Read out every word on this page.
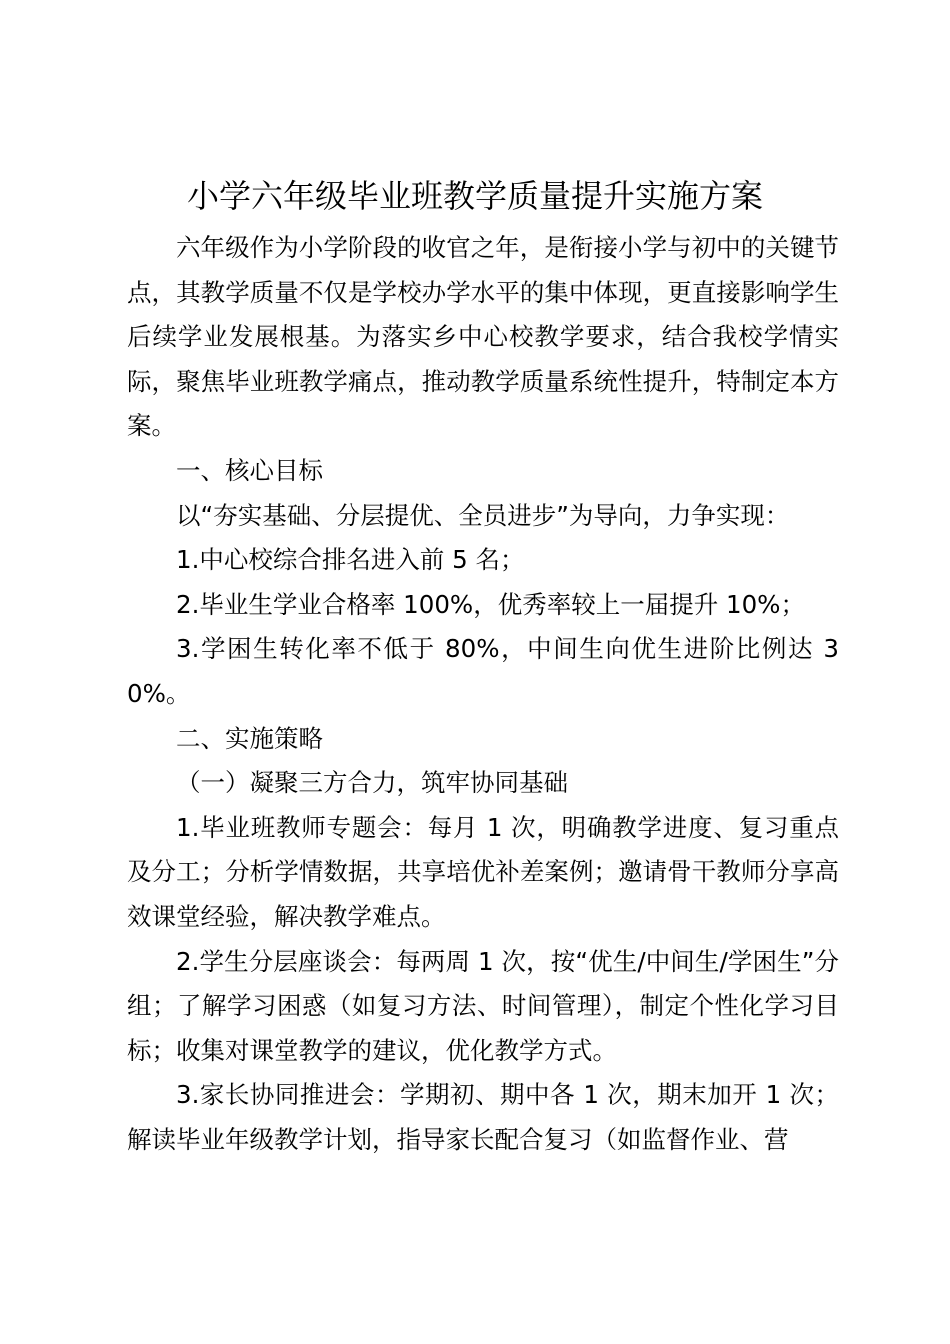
小学六年级毕业班教学质量提升实施方案

六年级作为小学阶段的收官之年，是衔接小学与初中的关键节点，其教学质量不仅是学校办学水平的集中体现，更直接影响学生后续学业发展根基。为落实乡中心校教学要求，结合我校学情实际，聚焦毕业班教学痛点，推动教学质量系统性提升，特制定本方案。

一、核心目标

以“夯实基础、分层提优、全员进步”为导向，力争实现：

1.中心校综合排名进入前 5 名；

2.毕业生学业合格率 100%，优秀率较上一届提升 10%；

3.学困生转化率不低于 80%，中间生向优生进阶比例达 30%。

二、实施策略

（一）凝聚三方合力，筑牢协同基础

1.毕业班教师专题会：每月 1 次，明确教学进度、复习重点及分工；分析学情数据，共享培优补差案例；邀请骨干教师分享高效课堂经验，解决教学难点。

2.学生分层座谈会：每两周 1 次，按“优生/中间生/学困生”分组；了解学习困惑（如复习方法、时间管理），制定个性化学习目标；收集对课堂教学的建议，优化教学方式。

3.家长协同推进会：学期初、期中各 1 次，期末加开 1 次；解读毕业年级教学计划，指导家长配合复习（如监督作业、营
